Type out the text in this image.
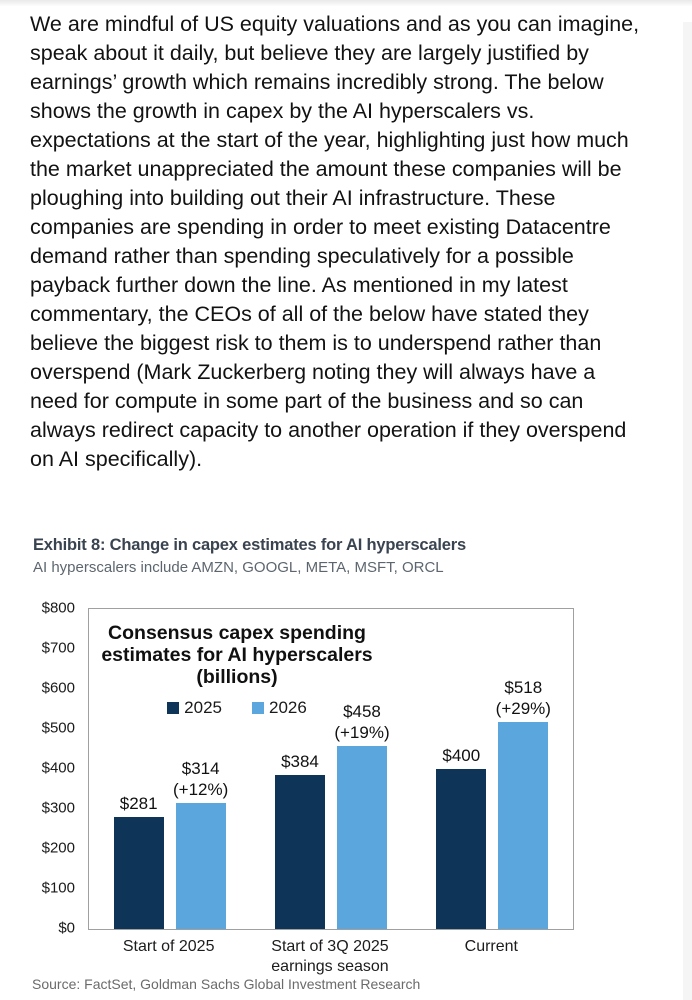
We are mindful of US equity valuations and as you can imagine, speak about it daily, but believe they are largely justified by earnings’ growth which remains incredibly strong. The below shows the growth in capex by the AI hyperscalers vs. expectations at the start of the year, highlighting just how much the market unappreciated the amount these companies will be ploughing into building out their AI infrastructure. These companies are spending in order to meet existing Datacentre demand rather than spending speculatively for a possible payback further down the line. As mentioned in my latest commentary, the CEOs of all of the below have stated they believe the biggest risk to them is to underspend rather than overspend (Mark Zuckerberg noting they will always have a need for compute in some part of the business and so can always redirect capacity to another operation if they overspend on AI specifically).

Exhibit 8: Change in capex estimates for AI hyperscalers
AI hyperscalers include AMZN, GOOGL, META, MSFT, ORCL
$800
$700
$600
$500
$400
$300
$200
$100
$0
Consensus capex spending
estimates for AI hyperscalers
(billions)
2025	2026
$281
$314
(+12%)
$384
$458
(+19%)
$400
$518
(+29%)
Start of 2025	Start of 3Q 2025
earnings season
Current
Source: FactSet, Goldman Sachs Global Investment Research
